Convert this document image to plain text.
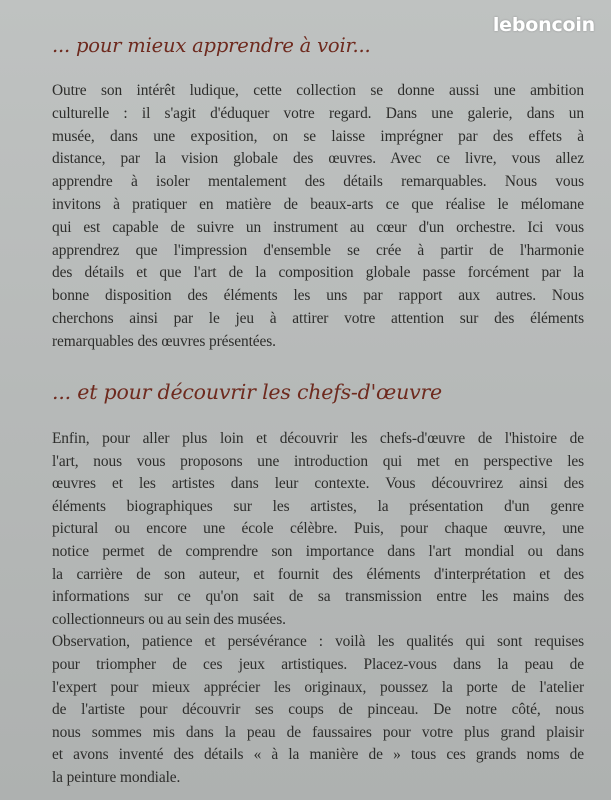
leboncoin
... pour mieux apprendre à voir...
Outre son intérêt ludique, cette collection se donne aussi une ambition
culturelle : il s'agit d'éduquer votre regard. Dans une galerie, dans un
musée, dans une exposition, on se laisse imprégner par des effets à
distance, par la vision globale des œuvres. Avec ce livre, vous allez
apprendre à isoler mentalement des détails remarquables. Nous vous
invitons à pratiquer en matière de beaux-arts ce que réalise le mélomane
qui est capable de suivre un instrument au cœur d'un orchestre. Ici vous
apprendrez que l'impression d'ensemble se crée à partir de l'harmonie
des détails et que l'art de la composition globale passe forcément par la
bonne disposition des éléments les uns par rapport aux autres. Nous
cherchons ainsi par le jeu à attirer votre attention sur des éléments
remarquables des œuvres présentées.
... et pour découvrir les chefs-d'œuvre
Enfin, pour aller plus loin et découvrir les chefs-d'œuvre de l'histoire de
l'art, nous vous proposons une introduction qui met en perspective les
œuvres et les artistes dans leur contexte. Vous découvrirez ainsi des
éléments biographiques sur les artistes, la présentation d'un genre
pictural ou encore une école célèbre. Puis, pour chaque œuvre, une
notice permet de comprendre son importance dans l'art mondial ou dans
la carrière de son auteur, et fournit des éléments d'interprétation et des
informations sur ce qu'on sait de sa transmission entre les mains des
collectionneurs ou au sein des musées.
Observation, patience et persévérance : voilà les qualités qui sont requises
pour triompher de ces jeux artistiques. Placez-vous dans la peau de
l'expert pour mieux apprécier les originaux, poussez la porte de l'atelier
de l'artiste pour découvrir ses coups de pinceau. De notre côté, nous
nous sommes mis dans la peau de faussaires pour votre plus grand plaisir
et avons inventé des détails « à la manière de » tous ces grands noms de
la peinture mondiale.
